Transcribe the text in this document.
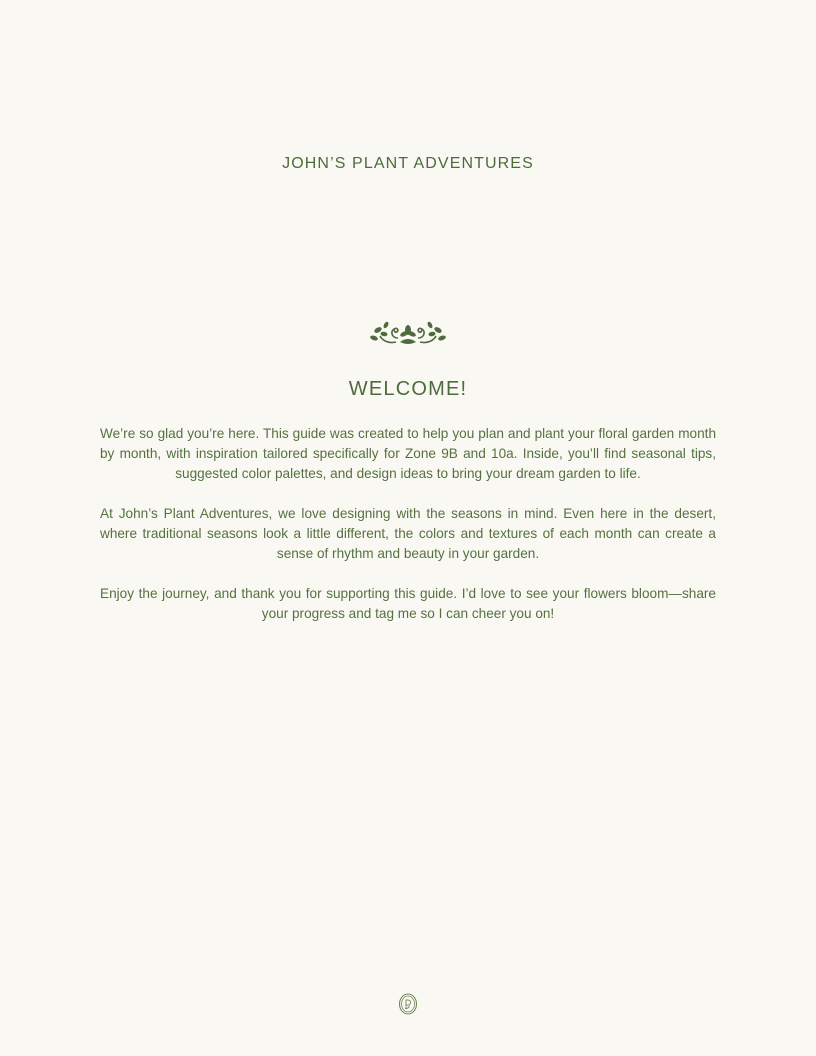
JOHN’S PLANT ADVENTURES
WELCOME!

We’re so glad you’re here. This guide was created to help you plan and plant your floral garden month by month, with inspiration tailored specifically for Zone 9B and 10a. Inside, you’ll find seasonal tips, suggested color palettes, and design ideas to bring your dream garden to life.

At John’s Plant Adventures, we love designing with the seasons in mind. Even here in the desert, where traditional seasons look a little different, the colors and textures of each month can create a sense of rhythm and beauty in your garden.

Enjoy the journey, and thank you for supporting this guide. I’d love to see your flowers bloom—share your progress and tag me so I can cheer you on!
